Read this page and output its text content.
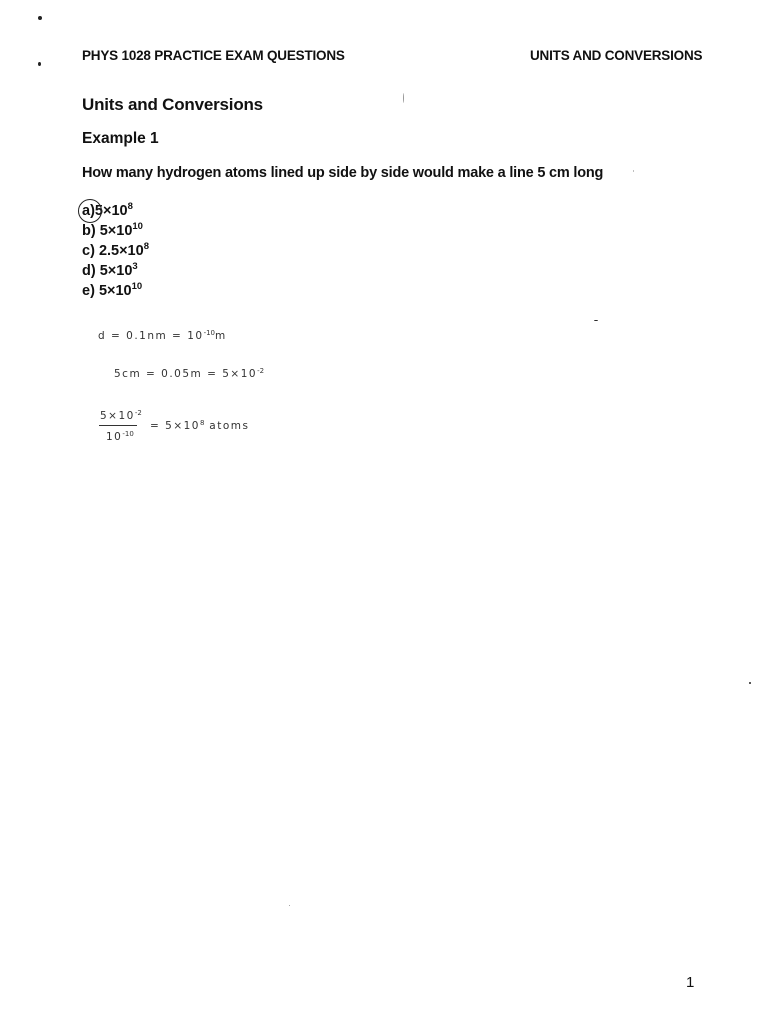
PHYS 1028 PRACTICE EXAM QUESTIONS	UNITS AND CONVERSIONS
Units and Conversions
Example 1
How many hydrogen atoms lined up side by side would make a line 5 cm long
$a)5\times 10^8$
b) $5\times 10^{10}$
c) $2.5\times 10^8$
d) $5\times 10^3$
e) $5\times 10^{10}$
$d = 0.1nm = 10^{-10}m$
$5cm = 0.05m = 5\times 10^{-2}$
$5\times 10^{-2}$
$10^{-10}$
= $5\times 10^8$ atoms
1
